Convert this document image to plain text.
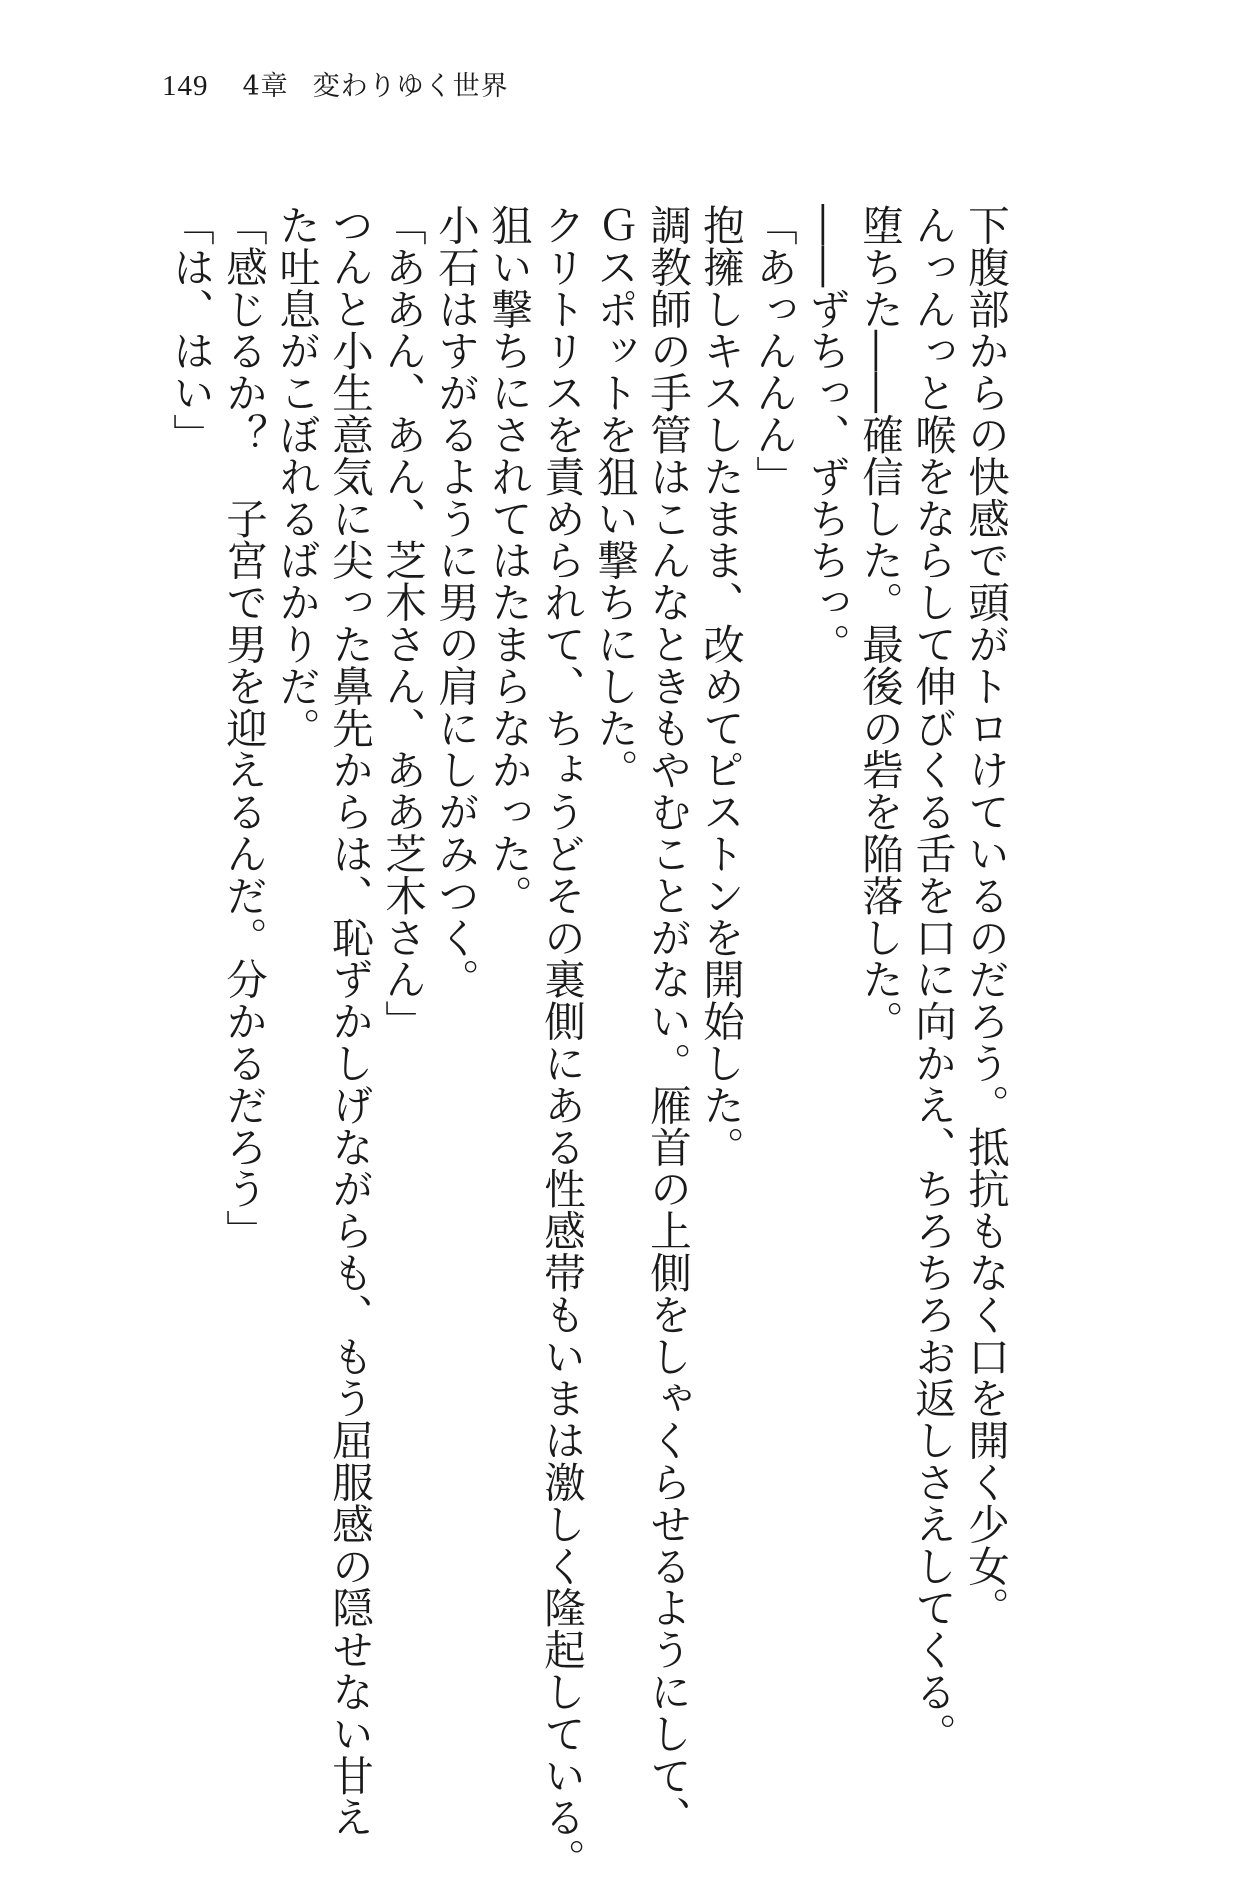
149 4章 変わりゆく世界
下腹部からの快感で頭がトロけているのだろう。抵抗もなく口を開く少女。
んっんっと喉をならして伸びくる舌を口に向かえ、ちろちろお返しさえしてくる。
堕ちた――確信した。最後の砦を陥落した。
――ずちっ、ずちちっ。
「あっんんん」
抱擁しキスしたまま、改めてピストンを開始した。
調教師の手管はこんなときもやむことがない。雁首の上側をしゃくらせるようにして、
Ｇスポットを狙い撃ちにした。
クリトリスを責められて、ちょうどその裏側にある性感帯もいまは激しく隆起している。
狙い撃ちにされてはたまらなかった。
小石はすがるように男の肩にしがみつく。
「ああん、あん、芝木さん、ああ芝木さん」
つんと小生意気に尖った鼻先からは、恥ずかしげながらも、もう屈服感の隠せない甘え
た吐息がこぼれるばかりだ。
「感じるか？　子宮で男を迎えるんだ。分かるだろう」
「は、はい」
